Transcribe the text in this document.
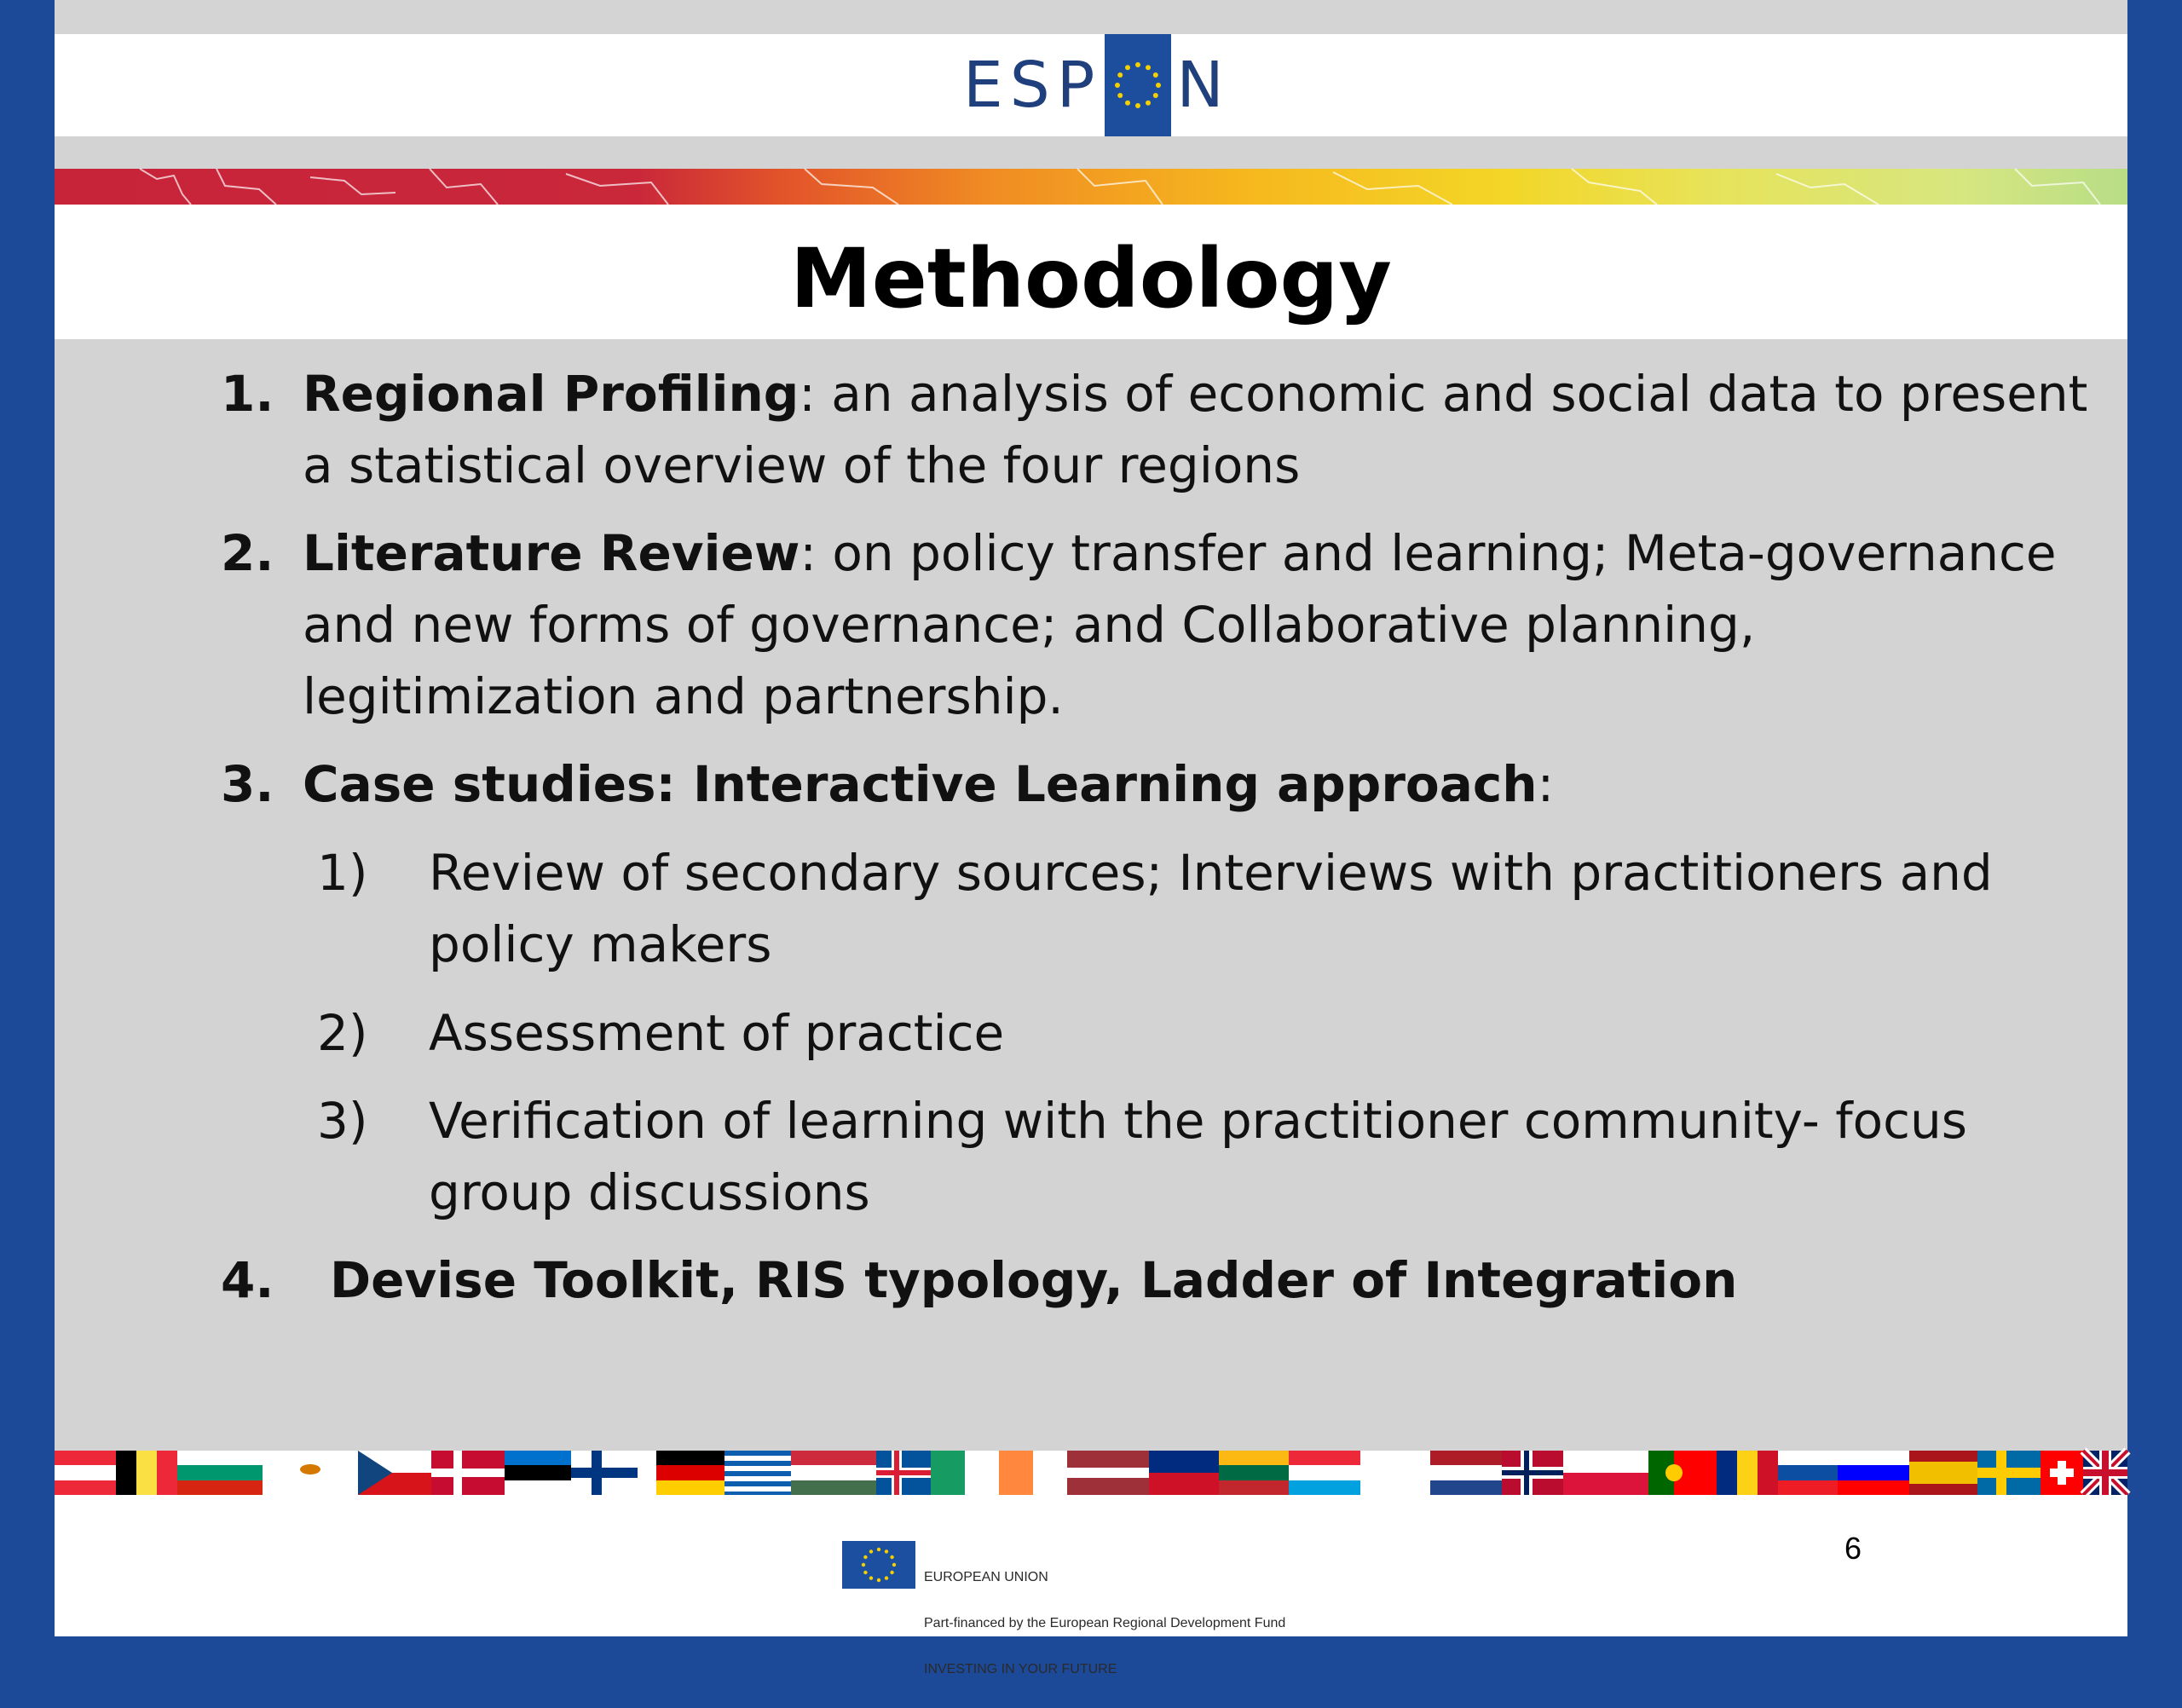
ESP N
Methodology
1. Regional Profiling: an analysis of economic and social data to present
a statistical overview of the four regions
2. Literature Review: on policy transfer and learning; Meta-governance
and new forms of governance; and Collaborative planning,
legitimization and partnership.
3. Case studies: Interactive Learning approach:
1) Review of secondary sources; Interviews with practitioners and
policy makers
2) Assessment of practice
3) Verification of learning with the practitioner community- focus
group discussions
4. Devise Toolkit, RIS typology, Ladder of Integration

EUROPEAN UNION

Part-financed by the European Regional Development Fund

INVESTING IN YOUR FUTURE

6
